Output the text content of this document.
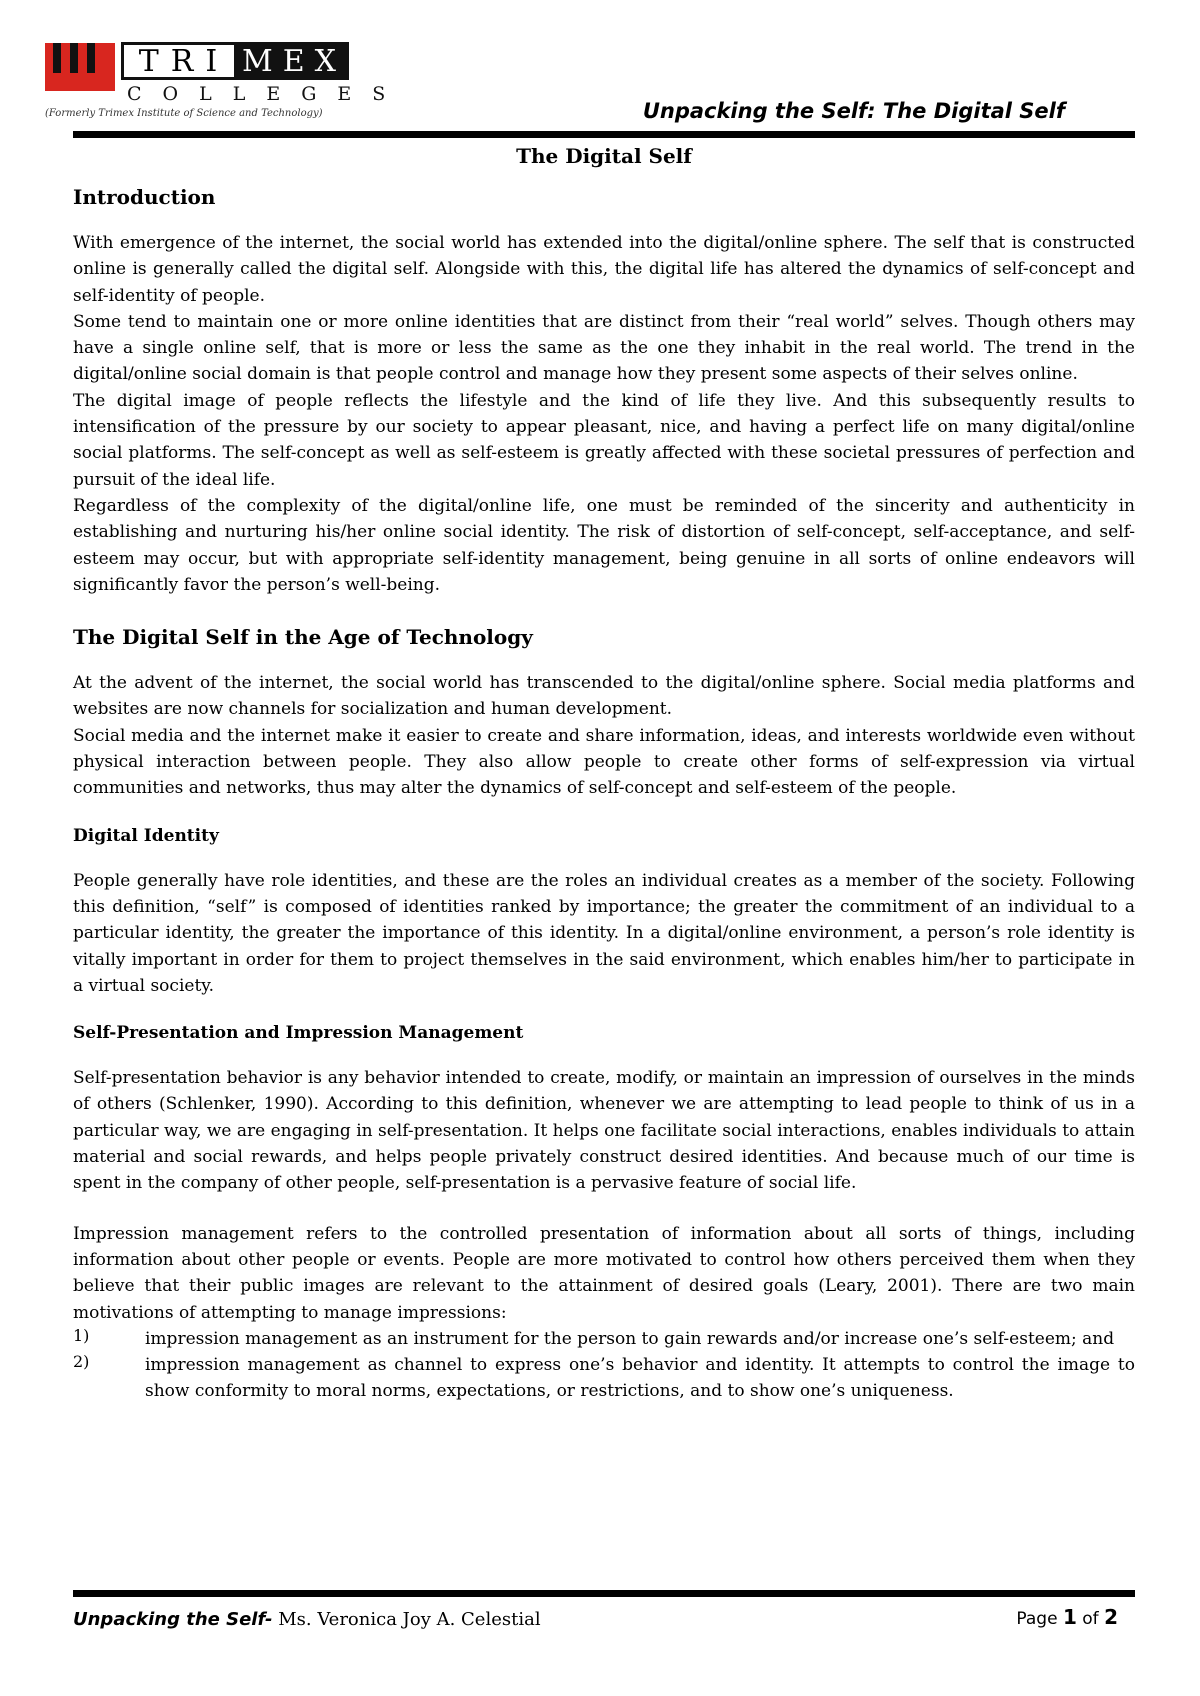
TRI MEX
COLLEGES
(Formerly Trimex Institute of Science and Technology)	Unpacking the Self: The Digital Self
The Digital Self
Introduction

With emergence of the internet, the social world has extended into the digital/online sphere. The self that is constructed online is generally called the digital self. Alongside with this, the digital life has altered the dynamics of self-concept and self-identity of people.

Some tend to maintain one or more online identities that are distinct from their “real world” selves. Though others may have a single online self, that is more or less the same as the one they inhabit in the real world. The trend in the digital/online social domain is that people control and manage how they present some aspects of their selves online.

The digital image of people reflects the lifestyle and the kind of life they live. And this subsequently results to intensification of the pressure by our society to appear pleasant, nice, and having a perfect life on many digital/online social platforms. The self-concept as well as self-esteem is greatly affected with these societal pressures of perfection and pursuit of the ideal life.

Regardless of the complexity of the digital/online life, one must be reminded of the sincerity and authenticity in establishing and nurturing his/her online social identity. The risk of distortion of self-concept, self-acceptance, and self-esteem may occur, but with appropriate self-identity management, being genuine in all sorts of online endeavors will significantly favor the person’s well-being.

The Digital Self in the Age of Technology

At the advent of the internet, the social world has transcended to the digital/online sphere. Social media platforms and websites are now channels for socialization and human development.

Social media and the internet make it easier to create and share information, ideas, and interests worldwide even without physical interaction between people. They also allow people to create other forms of self-expression via virtual communities and networks, thus may alter the dynamics of self-concept and self-esteem of the people.

Digital Identity

People generally have role identities, and these are the roles an individual creates as a member of the society. Following this definition, “self” is composed of identities ranked by importance; the greater the commitment of an individual to a particular identity, the greater the importance of this identity. In a digital/online environment, a person’s role identity is vitally important in order for them to project themselves in the said environment, which enables him/her to participate in a virtual society.

Self-Presentation and Impression Management

Self-presentation behavior is any behavior intended to create, modify, or maintain an impression of ourselves in the minds of others (Schlenker, 1990). According to this definition, whenever we are attempting to lead people to think of us in a particular way, we are engaging in self-presentation. It helps one facilitate social interactions, enables individuals to attain material and social rewards, and helps people privately construct desired identities. And because much of our time is spent in the company of other people, self-presentation is a pervasive feature of social life.

Impression management refers to the controlled presentation of information about all sorts of things, including information about other people or events. People are more motivated to control how others perceived them when they believe that their public images are relevant to the attainment of desired goals (Leary, 2001). There are two main motivations of attempting to manage impressions:

1)	impression management as an instrument for the person to gain rewards and/or increase one’s self-esteem; and

2)	impression management as channel to express one’s behavior and identity. It attempts to control the image to show conformity to moral norms, expectations, or restrictions, and to show one’s uniqueness.

Unpacking the Self- Ms. Veronica Joy A. Celestial	Page 1 of 2
